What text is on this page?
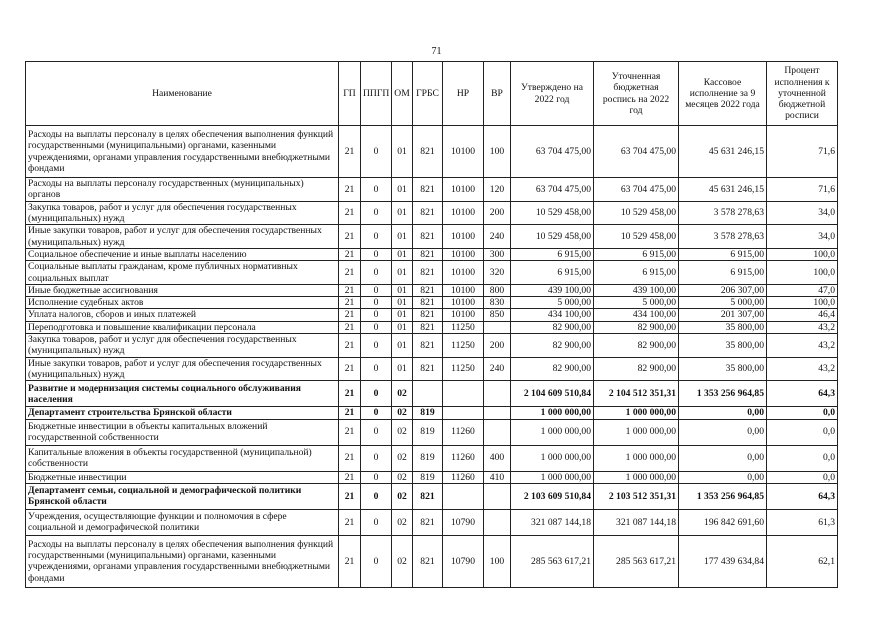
71
Наименование	ГП	ППГП	ОМ	ГРБС	НР	ВР	Утверждено на 2022 год	Уточненная бюджетная роспись на 2022 год	Кассовое исполнение за 9 месяцев 2022 года	Процент исполнения к уточненной бюджетной росписи
Расходы на выплаты персоналу в целях обеспечения выполнения функций государственными (муниципальными) органами, казенными учреждениями, органами управления государственными внебюджетными фондами	21	0	01	821	10100	100	63 704 475,00	63 704 475,00	45 631 246,15	71,6
Расходы на выплаты персоналу государственных (муниципальных) органов	21	0	01	821	10100	120	63 704 475,00	63 704 475,00	45 631 246,15	71,6
Закупка товаров, работ и услуг для обеспечения государственных (муниципальных) нужд	21	0	01	821	10100	200	10 529 458,00	10 529 458,00	3 578 278,63	34,0
Иные закупки товаров, работ и услуг для обеспечения государственных (муниципальных) нужд	21	0	01	821	10100	240	10 529 458,00	10 529 458,00	3 578 278,63	34,0
Социальное обеспечение и иные выплаты населению	21	0	01	821	10100	300	6 915,00	6 915,00	6 915,00	100,0
Социальные выплаты гражданам, кроме публичных нормативных социальных выплат	21	0	01	821	10100	320	6 915,00	6 915,00	6 915,00	100,0
Иные бюджетные ассигнования	21	0	01	821	10100	800	439 100,00	439 100,00	206 307,00	47,0
Исполнение судебных актов	21	0	01	821	10100	830	5 000,00	5 000,00	5 000,00	100,0
Уплата налогов, сборов и иных платежей	21	0	01	821	10100	850	434 100,00	434 100,00	201 307,00	46,4
Переподготовка и повышение квалификации персонала	21	0	01	821	11250		82 900,00	82 900,00	35 800,00	43,2
Закупка товаров, работ и услуг для обеспечения государственных (муниципальных) нужд	21	0	01	821	11250	200	82 900,00	82 900,00	35 800,00	43,2
Иные закупки товаров, работ и услуг для обеспечения государственных (муниципальных) нужд	21	0	01	821	11250	240	82 900,00	82 900,00	35 800,00	43,2
Развитие и модернизация системы социального обслуживания населения	21	0	02				2 104 609 510,84	2 104 512 351,31	1 353 256 964,85	64,3
Департамент строительства Брянской области	21	0	02	819			1 000 000,00	1 000 000,00	0,00	0,0
Бюджетные инвестиции в объекты капитальных вложений государственной собственности	21	0	02	819	11260		1 000 000,00	1 000 000,00	0,00	0,0
Капитальные вложения в объекты государственной (муниципальной) собственности	21	0	02	819	11260	400	1 000 000,00	1 000 000,00	0,00	0,0
Бюджетные инвестиции	21	0	02	819	11260	410	1 000 000,00	1 000 000,00	0,00	0,0
Департамент семьи, социальной и демографической политики Брянской области	21	0	02	821			2 103 609 510,84	2 103 512 351,31	1 353 256 964,85	64,3
Учреждения, осуществляющие функции и полномочия в сфере социальной и демографической политики	21	0	02	821	10790		321 087 144,18	321 087 144,18	196 842 691,60	61,3
Расходы на выплаты персоналу в целях обеспечения выполнения функций государственными (муниципальными) органами, казенными учреждениями, органами управления государственными внебюджетными фондами	21	0	02	821	10790	100	285 563 617,21	285 563 617,21	177 439 634,84	62,1
